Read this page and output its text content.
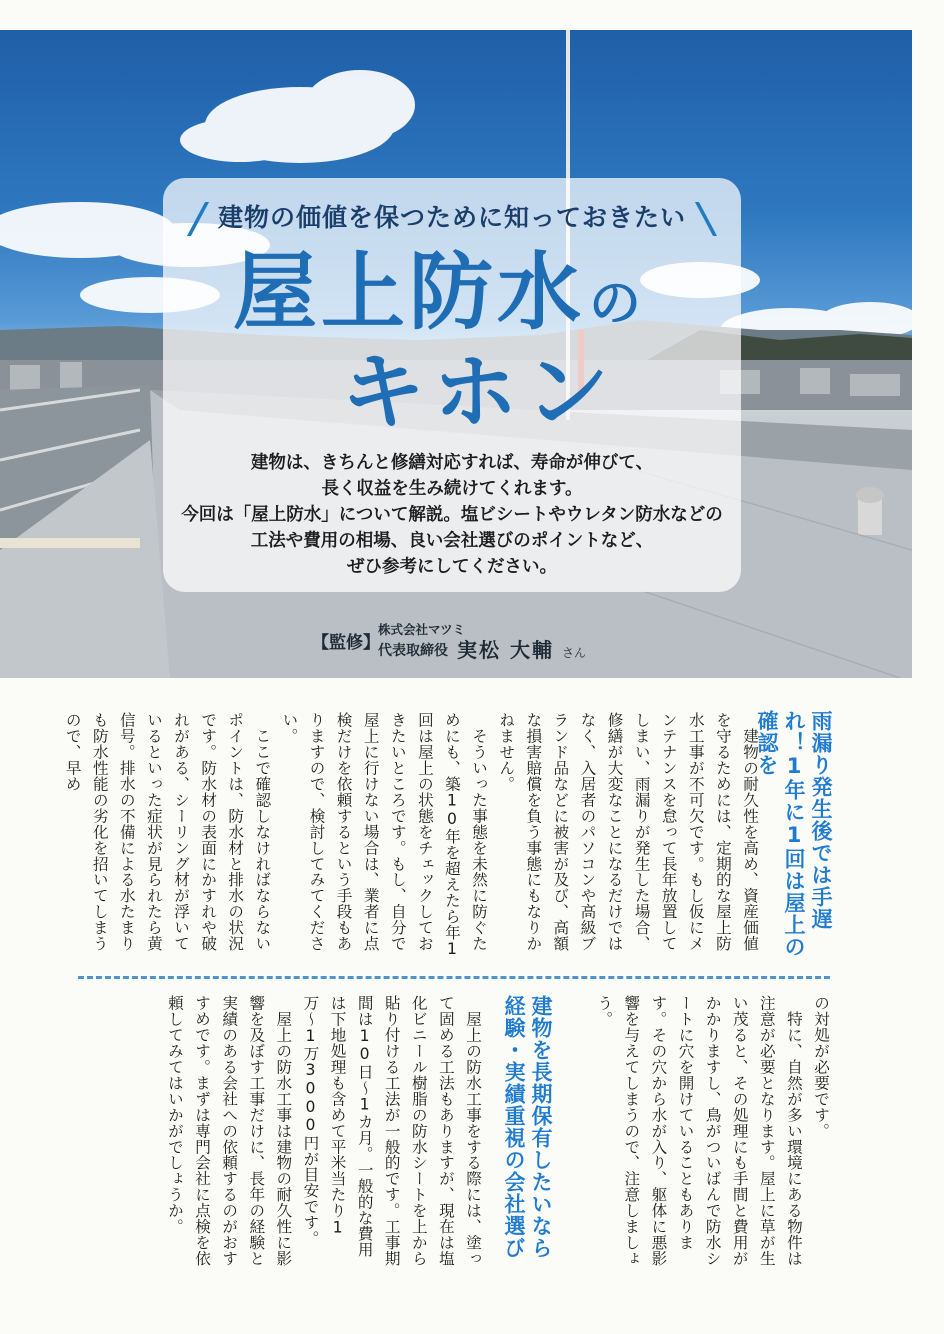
建物の価値を保つために知っておきたい
屋上防水の
キホン
建物は、きちんと修繕対応すれば、寿命が伸びて、
長く収益を生み続けてくれます。
今回は「屋上防水」について解説。塩ビシートやウレタン防水などの
工法や費用の相場、良い会社選びのポイントなど、
ぜひ参考にしてください。
【監修】
株式会社マツミ
代表取締役 実松 大輔 さん
雨漏り発生後では手遅れ！1年に1回は屋上の確認を
　建物の耐久性を高め、資産価値を守るためには、定期的な屋上防水工事が不可欠です。もし仮にメンテナンスを怠って長年放置してしまい、雨漏りが発生した場合、修繕が大変なことになるだけではなく、入居者のパソコンや高級ブランド品などに被害が及び、高額な損害賠償を負う事態にもなりかねません。
　そういった事態を未然に防ぐためにも、築10年を超えたら年1回は屋上の状態をチェックしておきたいところです。もし、自分で屋上に行けない場合は、業者に点検だけを依頼するという手段もありますので、検討してみてください。
　ここで確認しなければならないポイントは、防水材と排水の状況です。防水材の表面にかすれや破れがある、シーリング材が浮いているといった症状が見られたら黄信号。排水の不備による水たまりも防水性能の劣化を招いてしまうので、早め
の対処が必要です。
　特に、自然が多い環境にある物件は注意が必要となります。屋上に草が生い茂ると、その処理にも手間と費用がかかりますし、鳥がついばんで防水シートに穴を開けていることもあります。その穴から水が入り、躯体に悪影響を与えてしまうので、注意しましょう。
建物を長期保有したいなら経験・実績重視の会社選び
　屋上の防水工事をする際には、塗って固める工法もありますが、現在は塩化ビニール樹脂の防水シートを上から貼り付ける工法が一般的です。工事期間は10日〜1カ月。一般的な費用は下地処理も含めて平米当たり1万〜1万3000円が目安です。
　屋上の防水工事は建物の耐久性に影響を及ぼす工事だけに、長年の経験と実績のある会社への依頼するのがおすすめです。まずは専門会社に点検を依頼してみてはいかがでしょうか。
